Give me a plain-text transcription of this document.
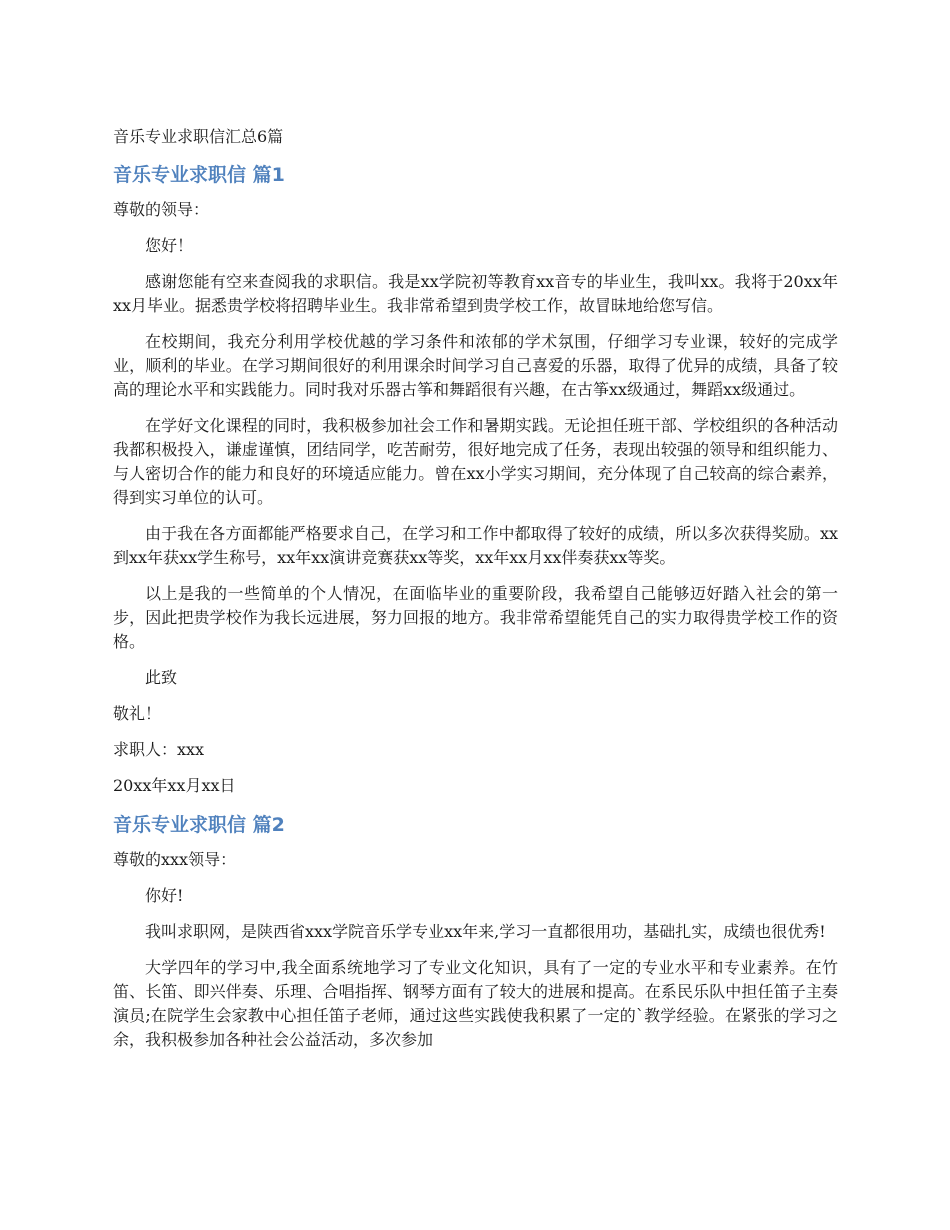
音乐专业求职信汇总6篇
音乐专业求职信 篇1
尊敬的领导：
您好！
感谢您能有空来查阅我的求职信。我是xx学院初等教育xx音专的毕业生，我叫xx。我将于20xx年xx月毕业。据悉贵学校将招聘毕业生。我非常希望到贵学校工作，故冒昧地给您写信。
在校期间，我充分利用学校优越的学习条件和浓郁的学术氛围，仔细学习专业课，较好的完成学业，顺利的毕业。在学习期间很好的利用课余时间学习自己喜爱的乐器，取得了优异的成绩，具备了较高的理论水平和实践能力。同时我对乐器古筝和舞蹈很有兴趣，在古筝xx级通过，舞蹈xx级通过。
在学好文化课程的同时，我积极参加社会工作和暑期实践。无论担任班干部、学校组织的各种活动我都积极投入，谦虚谨慎，团结同学，吃苦耐劳，很好地完成了任务，表现出较强的领导和组织能力、与人密切合作的能力和良好的环境适应能力。曾在xx小学实习期间，充分体现了自己较高的综合素养，得到实习单位的认可。
由于我在各方面都能严格要求自己，在学习和工作中都取得了较好的成绩，所以多次获得奖励。xx到xx年获xx学生称号，xx年xx演讲竞赛获xx等奖，xx年xx月xx伴奏获xx等奖。
以上是我的一些简单的个人情况，在面临毕业的重要阶段，我希望自己能够迈好踏入社会的第一步，因此把贵学校作为我长远进展，努力回报的地方。我非常希望能凭自己的实力取得贵学校工作的资格。
此致
敬礼！
求职人：xxx
20xx年xx月xx日
音乐专业求职信 篇2
尊敬的xxx领导：
你好!
我叫求职网，是陕西省xxx学院音乐学专业xx年来,学习一直都很用功，基础扎实，成绩也很优秀!
大学四年的学习中,我全面系统地学习了专业文化知识，具有了一定的专业水平和专业素养。在竹笛、长笛、即兴伴奏、乐理、合唱指挥、钢琴方面有了较大的进展和提高。在系民乐队中担任笛子主奏演员;在院学生会家教中心担任笛子老师，通过这些实践使我积累了一定的`教学经验。在紧张的学习之余，我积极参加各种社会公益活动，多次参加
